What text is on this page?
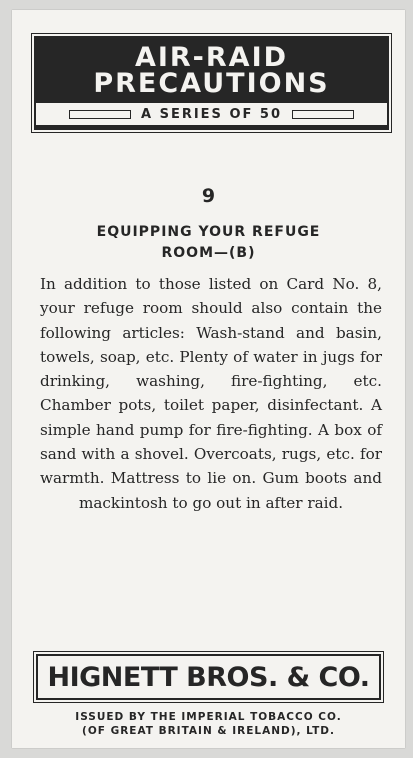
AIR-RAID
PRECAUTIONS
A SERIES OF 50
9
EQUIPPING YOUR REFUGE
ROOM—(B)
In addition to those listed on Card No. 8, your refuge room should also contain the following articles: Wash-stand and basin, towels, soap, etc. Plenty of water in jugs for drinking, washing, fire-fighting, etc. Chamber pots, toilet paper, disinfectant. A simple hand pump for fire-fighting. A box of sand with a shovel. Overcoats, rugs, etc. for warmth. Mattress to lie on. Gum boots and mackintosh to go out in after raid.
HIGNETT BROS. & CO.
ISSUED BY THE IMPERIAL TOBACCO CO.
(OF GREAT BRITAIN & IRELAND), LTD.
